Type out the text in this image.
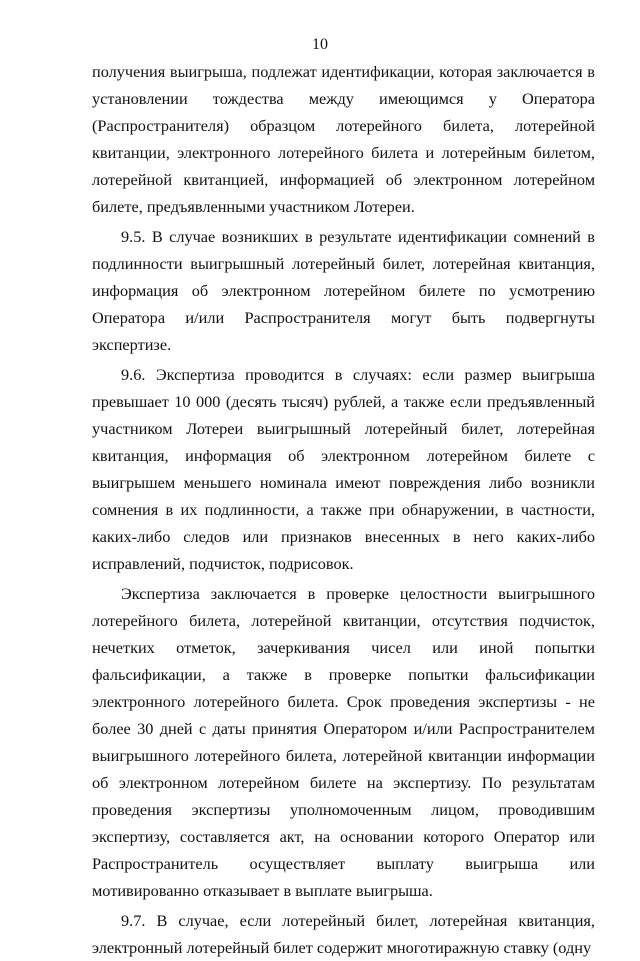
10

получения выигрыша, подлежат идентификации, которая заключается в установлении тождества между имеющимся у Оператора (Распространителя) образцом лотерейного билета, лотерейной квитанции, электронного лотерейного билета и лотерейным билетом, лотерейной квитанцией, информацией об электронном лотерейном билете, предъявленными участником Лотереи.

9.5. В случае возникших в результате идентификации сомнений в подлинности выигрышный лотерейный билет, лотерейная квитанция, информация об электронном лотерейном билете по усмотрению Оператора и/или Распространителя могут быть подвергнуты экспертизе.

9.6. Экспертиза проводится в случаях: если размер выигрыша превышает 10 000 (десять тысяч) рублей, а также если предъявленный участником Лотереи выигрышный лотерейный билет, лотерейная квитанция, информация об электронном лотерейном билете с выигрышем меньшего номинала имеют повреждения либо возникли сомнения в их подлинности, а также при обнаружении, в частности, каких-либо следов или признаков внесенных в него каких-либо исправлений, подчисток, подрисовок.

Экспертиза заключается в проверке целостности выигрышного лотерейного билета, лотерейной квитанции, отсутствия подчисток, нечетких отметок, зачеркивания чисел или иной попытки фальсификации, а также в проверке попытки фальсификации электронного лотерейного билета. Срок проведения экспертизы - не более 30 дней с даты принятия Оператором и/или Распространителем выигрышного лотерейного билета, лотерейной квитанции информации об электронном лотерейном билете на экспертизу. По результатам проведения экспертизы уполномоченным лицом, проводившим экспертизу, составляется акт, на основании которого Оператор или Распространитель осуществляет выплату выигрыша или мотивированно отказывает в выплате выигрыша.

9.7. В случае, если лотерейный билет, лотерейная квитанция, электронный лотерейный билет содержит многотиражную ставку (одну
